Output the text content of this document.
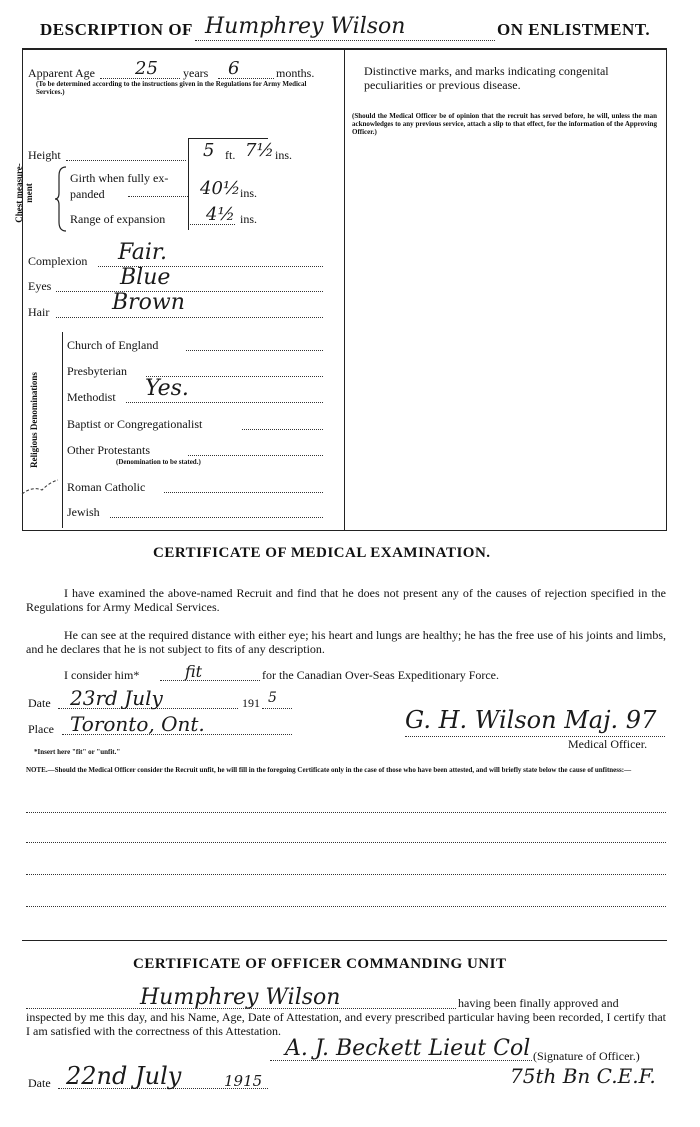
DESCRIPTION OF Humphrey Wilson	ON ENLISTMENT.
Apparent Age 25 years 6	months.
(To be determined according to the instructions given in the Regulations for Army Medical Services.)
Height	5 ft. 7½ ins.
Chest measure-ment
Girth when fully ex-panded	40½ ins.
Range of expansion 4½ ins.
Complexion Fair.
Eyes	Blue
Hair	Brown
Religious Denominations
Church of England
Presbyterian
Methodist Yes.
Baptist or Congregationalist
Other Protestants
(Denomination to be stated.)
Roman Catholic
Jewish
Distinctive marks, and marks indicating congenital peculiarities or previous disease.
(Should the Medical Officer be of opinion that the recruit has served before, he will, unless the man acknowledges to any previous service, attach a slip to that effect, for the information of the Approving Officer.)
CERTIFICATE OF MEDICAL EXAMINATION.
I have examined the above-named Recruit and find that he does not present any of the causes of rejection specified in the Regulations for Army Medical Services.
He can see at the required distance with either eye; his heart and lungs are healthy; he has the free use of his joints and limbs, and he declares that he is not subject to fits of any description.
I consider him*	fit	for the Canadian Over-Seas Expeditionary Force.
Date 23rd July	191 5
Place Toronto, Ont.	G. H. Wilson Maj. 97
Medical Officer.
*Insert here "fit" or "unfit."
NOTE.—Should the Medical Officer consider the Recruit unfit, he will fill in the foregoing Certificate only in the case of those who have been attested, and will briefly state below the cause of unfitness:—
CERTIFICATE OF OFFICER COMMANDING UNIT
Humphrey Wilson	having been finally approved and
inspected by me this day, and his Name, Age, Date of Attestation, and every prescribed particular having been recorded, I certify that I am satisfied with the correctness of this Attestation.
A. J. Beckett Lieut Col (Signature of Officer.)
75th Bn C.E.F.
Date 22nd July	1915
